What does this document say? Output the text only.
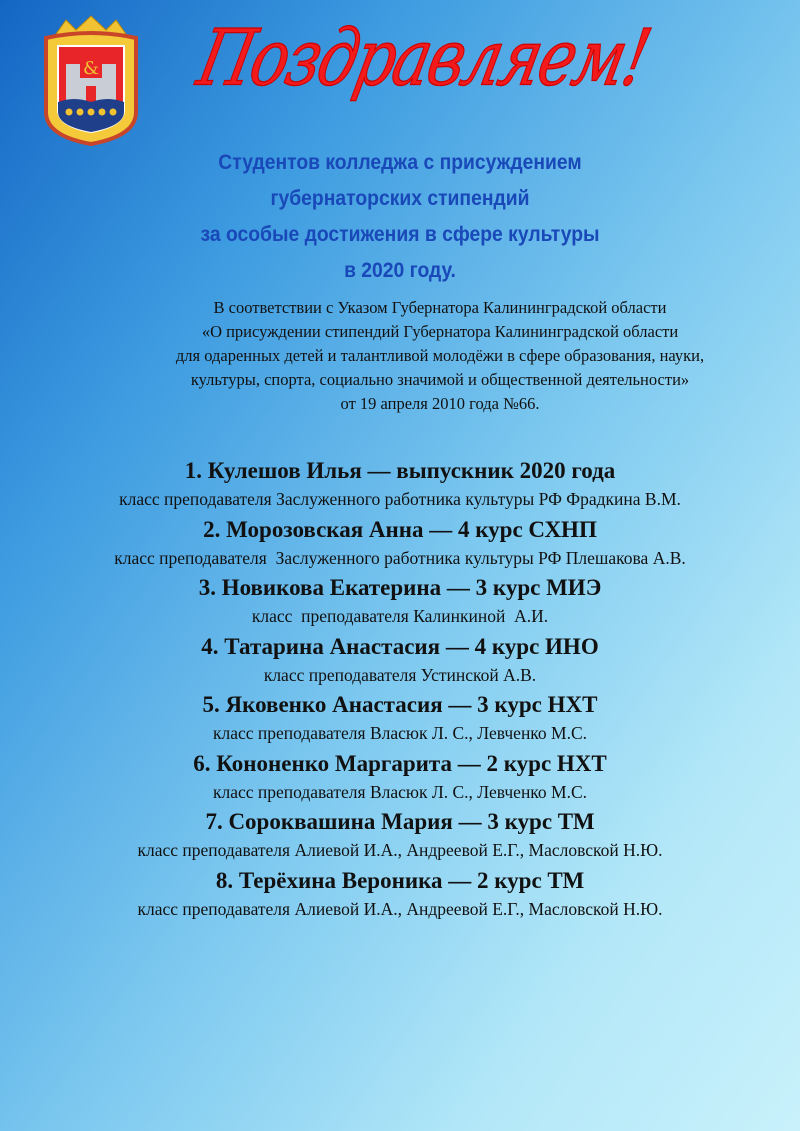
& Поздравляем!
Студентов колледжа с присуждением
губернаторских стипендий
за особые достижения в сфере культуры
в 2020 году.
В соответствии с Указом Губернатора Калининградской области
«О присуждении стипендий Губернатора Калининградской области
для одаренных детей и талантливой молодёжи в сфере образования, науки,
культуры, спорта, социально значимой и общественной деятельности»
от 19 апреля 2010 года №66.
1. Кулешов Илья — выпускник 2020 года
класс преподавателя Заслуженного работника культуры РФ Фрадкина В.М.
2. Морозовская Анна — 4 курс СХНП
класс преподавателя  Заслуженного работника культуры РФ Плешакова А.В.
3. Новикова Екатерина — 3 курс МИЭ
класс  преподавателя Калинкиной  А.И.
4. Татарина Анастасия — 4 курс ИНО
класс преподавателя Устинской А.В.
5. Яковенко Анастасия — 3 курс НХТ
класс преподавателя Власюк Л. С., Левченко М.С.
6. Кононенко Маргарита — 2 курс НХТ
класс преподавателя Власюк Л. С., Левченко М.С.
7. Сороквашина Мария — 3 курс ТМ
класс преподавателя Алиевой И.А., Андреевой Е.Г., Масловской Н.Ю.
8. Терёхина Вероника — 2 курс ТМ
класс преподавателя Алиевой И.А., Андреевой Е.Г., Масловской Н.Ю.
